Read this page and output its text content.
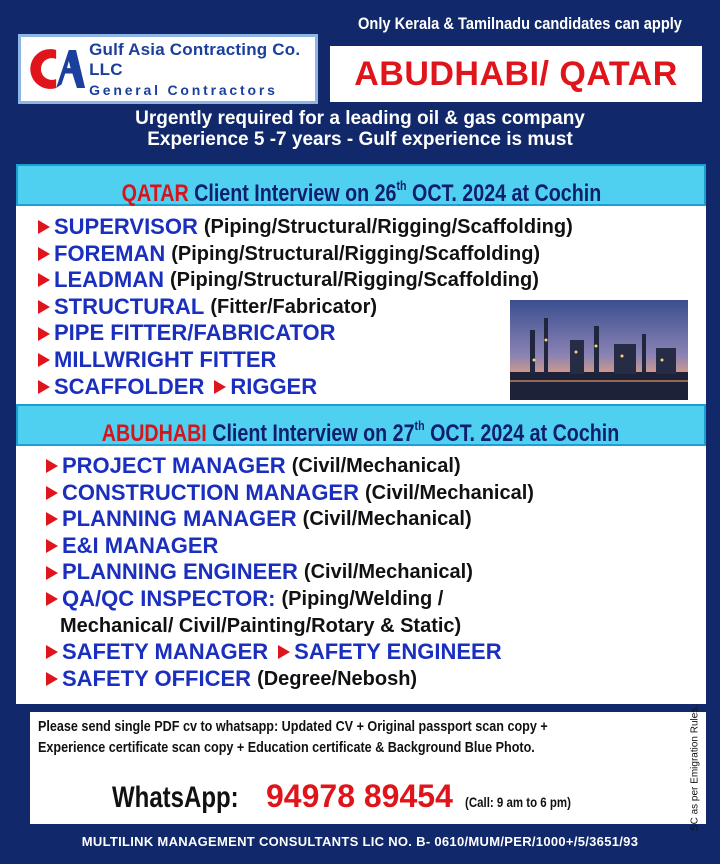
Only Kerala & Tamilnadu candidates can apply
Gulf Asia Contracting Co. LLC
General Contractors	ABUDHABI/ QATAR
Urgently required for a leading oil & gas company
Experience 5 -7 years - Gulf experience is must
QATAR Client Interview on 26th OCT. 2024 at Cochin
SUPERVISOR (Piping/Structural/Rigging/Scaffolding)
FOREMAN (Piping/Structural/Rigging/Scaffolding)
LEADMAN (Piping/Structural/Rigging/Scaffolding)
STRUCTURAL (Fitter/Fabricator)
PIPE FITTER/FABRICATOR
MILLWRIGHT FITTER
SCAFFOLDER RIGGER
ABUDHABI Client Interview on 27th OCT. 2024 at Cochin
PROJECT MANAGER (Civil/Mechanical)
CONSTRUCTION MANAGER (Civil/Mechanical)
PLANNING MANAGER (Civil/Mechanical)
E&I MANAGER
PLANNING ENGINEER (Civil/Mechanical)
QA/QC INSPECTOR: (Piping/Welding /
Mechanical/ Civil/Painting/Rotary & Static)
SAFETY MANAGER SAFETY ENGINEER
SAFETY OFFICER (Degree/Nebosh)
Please send single PDF cv to whatsapp: Updated CV + Original passport scan copy +
Experience certificate scan copy + Education certificate & Background Blue Photo.
WhatsApp: 94978 89454 (Call: 9 am to 6 pm)	SC as per Emigration Rules.
MULTILINK MANAGEMENT CONSULTANTS LIC NO. B- 0610/MUM/PER/1000+/5/3651/93
